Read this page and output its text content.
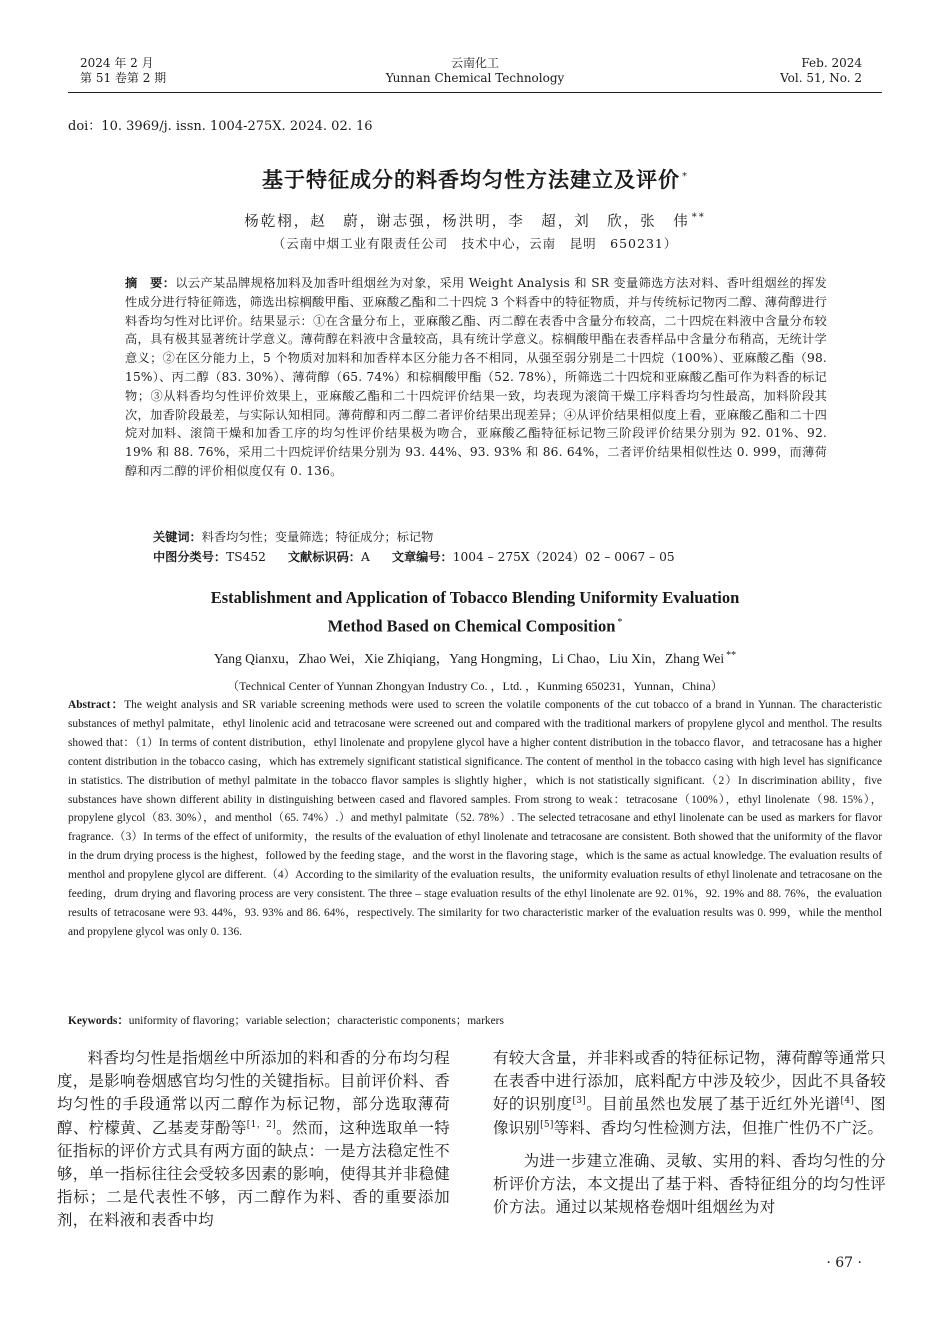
2024 年 2 月
第 51 卷第 2 期
云南化工
Yunnan Chemical Technology
Feb. 2024
Vol. 51, No. 2
doi：10. 3969/j. issn. 1004-275X. 2024. 02. 16
基于特征成分的料香均匀性方法建立及评价 *
杨乾栩，赵　蔚，谢志强，杨洪明，李　超，刘　欣，张　伟 **
（云南中烟工业有限责任公司　技术中心，云南　昆明　650231）
摘　要：以云产某品牌规格加料及加香叶组烟丝为对象，采用 Weight Analysis 和 SR 变量筛选方法对料、香叶组烟丝的挥发性成分进行特征筛选，筛选出棕榈酸甲酯、亚麻酸乙酯和二十四烷 3 个料香中的特征物质，并与传统标记物丙二醇、薄荷醇进行料香均匀性对比评价。结果显示：①在含量分布上，亚麻酸乙酯、丙二醇在表香中含量分布较高，二十四烷在料液中含量分布较高，具有极其显著统计学意义。薄荷醇在料液中含量较高，具有统计学意义。棕榈酸甲酯在表香样品中含量分布稍高，无统计学意义；②在区分能力上，5 个物质对加料和加香样本区分能力各不相同，从强至弱分别是二十四烷（100%）、亚麻酸乙酯（98. 15%）、丙二醇（83. 30%）、薄荷醇（65. 74%）和棕榈酸甲酯（52. 78%），所筛选二十四烷和亚麻酸乙酯可作为料香的标记物；③从料香均匀性评价效果上，亚麻酸乙酯和二十四烷评价结果一致，均表现为滚筒干燥工序料香均匀性最高，加料阶段其次，加香阶段最差，与实际认知相同。薄荷醇和丙二醇二者评价结果出现差异；④从评价结果相似度上看，亚麻酸乙酯和二十四烷对加料、滚筒干燥和加香工序的均匀性评价结果极为吻合，亚麻酸乙酯特征标记物三阶段评价结果分别为 92. 01%、92. 19% 和 88. 76%，采用二十四烷评价结果分别为 93. 44%、93. 93% 和 86. 64%，二者评价结果相似性达 0. 999，而薄荷醇和丙二醇的评价相似度仅有 0. 136。
关键词：料香均匀性；变量筛选；特征成分；标记物
中图分类号：TS452 文献标识码：A 文章编号：1004 – 275X（2024）02 – 0067 – 05
Establishment and Application of Tobacco Blending Uniformity Evaluation
Method Based on Chemical Composition *
Yang Qianxu，Zhao Wei，Xie Zhiqiang，Yang Hongming，Li Chao，Liu Xin，Zhang Wei **
（Technical Center of Yunnan Zhongyan Industry Co. ，Ltd. ，Kunming 650231，Yunnan，China）
Abstract：The weight analysis and SR variable screening methods were used to screen the volatile components of the cut tobacco of a brand in Yunnan. The characteristic substances of methyl palmitate，ethyl linolenic acid and tetracosane were screened out and compared with the traditional markers of propylene glycol and menthol. The results showed that：（1）In terms of content distribution，ethyl linolenate and propylene glycol have a higher content distribution in the tobacco flavor，and tetracosane has a higher content distribution in the tobacco casing，which has extremely significant statistical significance. The content of menthol in the tobacco casing with high level has significance in statistics. The distribution of methyl palmitate in the tobacco flavor samples is slightly higher，which is not statistically significant.（2）In discrimination ability，five substances have shown different ability in distinguishing between cased and flavored samples. From strong to weak：tetracosane（100%），ethyl linolenate（98. 15%），propylene glycol（83. 30%），and menthol（65. 74%）.）and methyl palmitate（52. 78%）. The selected tetracosane and ethyl linolenate can be used as markers for flavor fragrance.（3）In terms of the effect of uniformity，the results of the evaluation of ethyl linolenate and tetracosane are consistent. Both showed that the uniformity of the flavor in the drum drying process is the highest，followed by the feeding stage，and the worst in the flavoring stage，which is the same as actual knowledge. The evaluation results of menthol and propylene glycol are different.（4）According to the similarity of the evaluation results，the uniformity evaluation results of ethyl linolenate and tetracosane on the feeding，drum drying and flavoring process are very consistent. The three – stage evaluation results of the ethyl linolenate are 92. 01%，92. 19% and 88. 76%，the evaluation results of tetracosane were 93. 44%，93. 93% and 86. 64%，respectively. The similarity for two characteristic marker of the evaluation results was 0. 999，while the menthol and propylene glycol was only 0. 136.
Keywords：uniformity of flavoring；variable selection；characteristic components；markers

料香均匀性是指烟丝中所添加的料和香的分布均匀程度，是影响卷烟感官均匀性的关键指标。目前评价料、香均匀性的手段通常以丙二醇作为标记物，部分选取薄荷醇、柠檬黄、乙基麦芽酚等[1，2]。然而，这种选取单一特征指标的评价方式具有两方面的缺点：一是方法稳定性不够，单一指标往往会受较多因素的影响，使得其并非稳健指标；二是代表性不够，丙二醇作为料、香的重要添加剂，在料液和表香中均

有较大含量，并非料或香的特征标记物，薄荷醇等通常只在表香中进行添加，底料配方中涉及较少，因此不具备较好的识别度[3]。目前虽然也发展了基于近红外光谱[4]、图像识别[5]等料、香均匀性检测方法，但推广性仍不广泛。

为进一步建立准确、灵敏、实用的料、香均匀性的分析评价方法，本文提出了基于料、香特征组分的均匀性评价方法。通过以某规格卷烟叶组烟丝为对

· 67 ·
